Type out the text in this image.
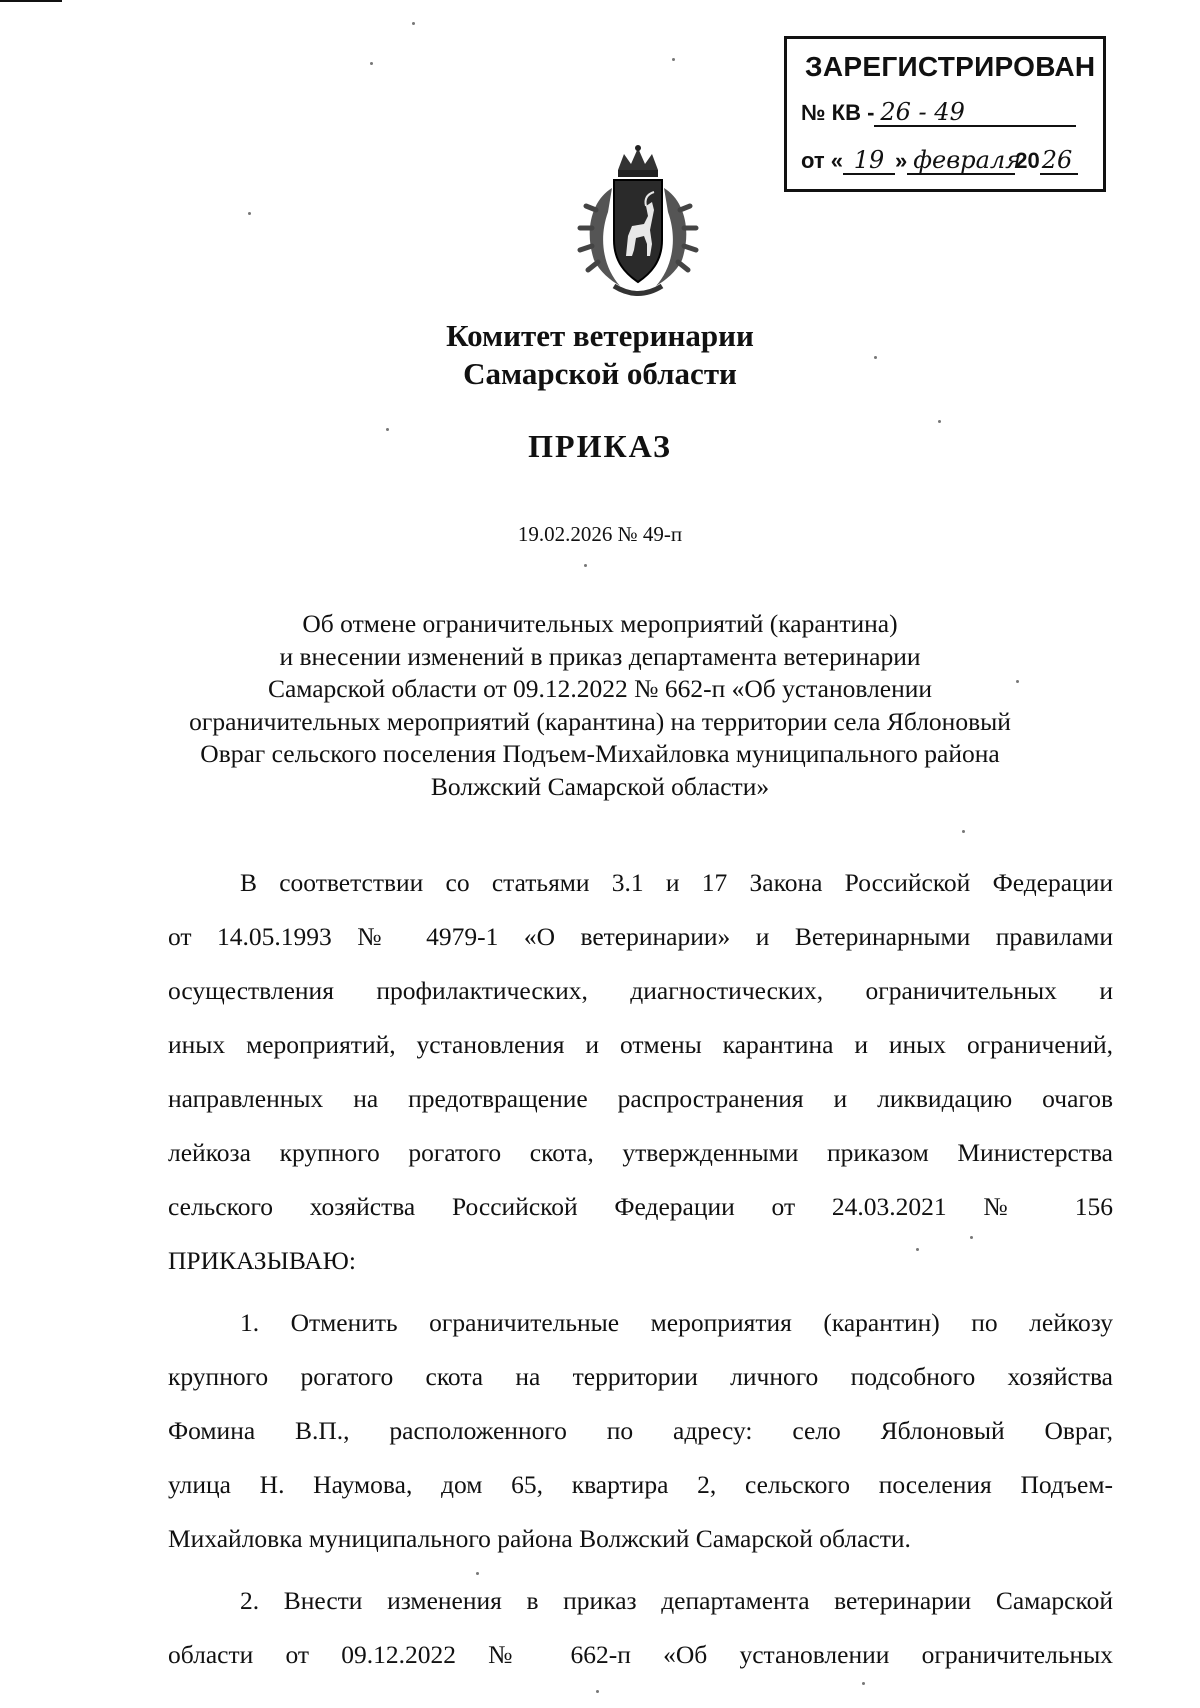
ЗАРЕГИСТРИРОВАН
№ КВ - 26 - 49
от « 19 » февраля
20 26
Комитет ветеринарии
Самарской области
ПРИКАЗ
19.02.2026 № 49-п
Об отмене ограничительных мероприятий (карантина)
и внесении изменений в приказ департамента ветеринарии
Самарской области от 09.12.2022 № 662-п «Об установлении
ограничительных мероприятий (карантина) на территории села Яблоновый
Овраг сельского поселения Подъем-Михайловка муниципального района
Волжский Самарской области»
В соответствии со статьями 3.1 и 17 Закона Российской Федерации
от 14.05.1993 № 4979-1 «О ветеринарии» и Ветеринарными правилами
осуществления профилактических, диагностических, ограничительных и
иных мероприятий, установления и отмены карантина и иных ограничений,
направленных на предотвращение распространения и ликвидацию очагов
лейкоза крупного рогатого скота, утвержденными приказом Министерства
сельского хозяйства Российской Федерации от 24.03.2021 № 156
ПРИКАЗЫВАЮ:
1. Отменить ограничительные мероприятия (карантин) по лейкозу
крупного рогатого скота на территории личного подсобного хозяйства
Фомина В.П., расположенного по адресу: село Яблоновый Овраг,
улица Н. Наумова, дом 65, квартира 2, сельского поселения Подъем-
Михайловка муниципального района Волжский Самарской области.
2. Внести изменения в приказ департамента ветеринарии Самарской
области от 09.12.2022 № 662-п «Об установлении ограничительных
